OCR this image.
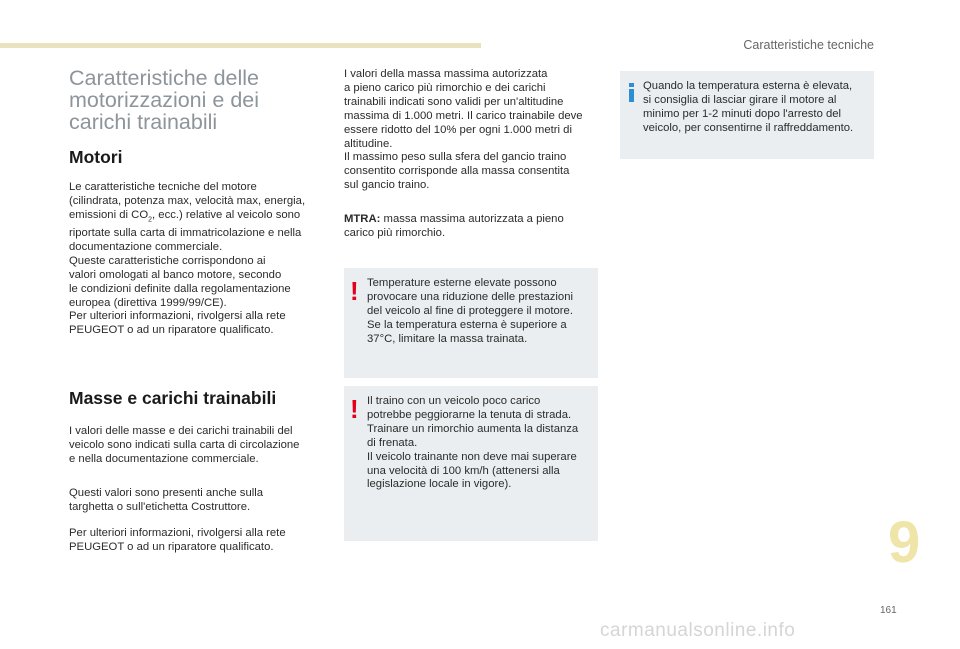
Caratteristiche tecniche
Caratteristiche delle
motorizzazioni e dei
carichi trainabili
Motori

Le caratteristiche tecniche del motore
(cilindrata, potenza max, velocità max, energia,
emissioni di $CO_2$, ecc.) relative al veicolo sono
riportate sulla carta di immatricolazione e nella
documentazione commerciale.
Queste caratteristiche corrispondono ai
valori omologati al banco motore, secondo
le condizioni definite dalla regolamentazione
europea (direttiva 1999/99/CE).
Per ulteriori informazioni, rivolgersi alla rete
PEUGEOT o ad un riparatore qualificato.

Masse e carichi trainabili

I valori delle masse e dei carichi trainabili del
veicolo sono indicati sulla carta di circolazione
e nella documentazione commerciale.

Questi valori sono presenti anche sulla
targhetta o sull'etichetta Costruttore.

Per ulteriori informazioni, rivolgersi alla rete
PEUGEOT o ad un riparatore qualificato.

I valori della massa massima autorizzata
a pieno carico più rimorchio e dei carichi
trainabili indicati sono validi per un'altitudine
massima di 1.000 metri. Il carico trainabile deve
essere ridotto del 10% per ogni 1.000 metri di
altitudine.
Il massimo peso sulla sfera del gancio traino
consentito corrisponde alla massa consentita
sul gancio traino.

MTRA: massa massima autorizzata a pieno
carico più rimorchio.

! Temperature esterne elevate possono
provocare una riduzione delle prestazioni
del veicolo al fine di proteggere il motore.
Se la temperatura esterna è superiore a
37°C, limitare la massa trainata.

! Il traino con un veicolo poco carico
potrebbe peggiorarne la tenuta di strada.
Trainare un rimorchio aumenta la distanza
di frenata.
Il veicolo trainante non deve mai superare
una velocità di 100 km/h (attenersi alla
legislazione locale in vigore).

Quando la temperatura esterna è elevata,
si consiglia di lasciar girare il motore al
minimo per 1-2 minuti dopo l'arresto del
veicolo, per consentirne il raffreddamento.

9
161
carmanualsonline.info
